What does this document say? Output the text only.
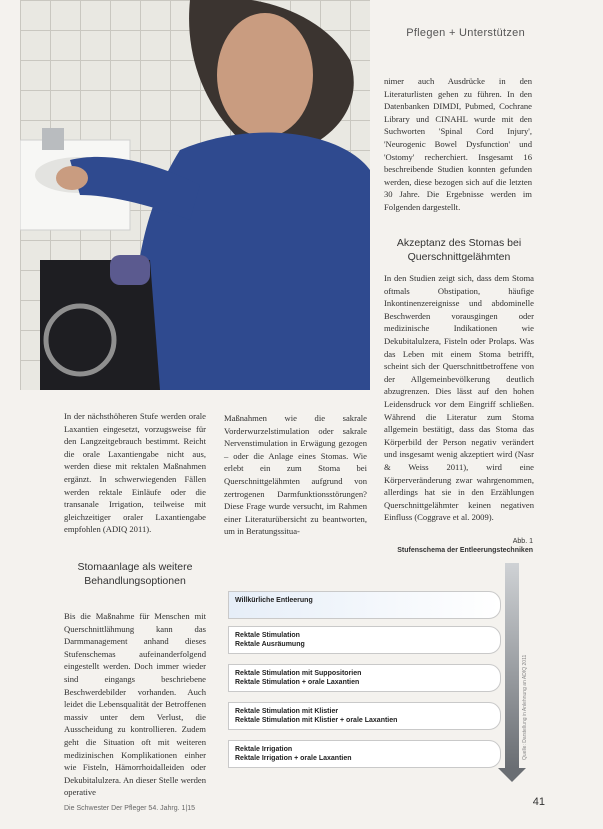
Pflegen + Unterstützen

nimer auch Ausdrücke in den Literaturlisten gehen zu führen. In den Datenbanken DIMDI, Pubmed, Cochrane Library und CINAHL wurde mit den Suchworten 'Spinal Cord Injury', 'Neurogenic Bowel Dysfunction' und 'Ostomy' recherchiert. Insgesamt 16 beschreibende Studien konnten gefunden werden, diese bezogen sich auf die letzten 30 Jahre. Die Ergebnisse werden im Folgenden dargestellt.

Akzeptanz des Stomas bei Querschnittgelähmten

In den Studien zeigt sich, dass dem Stoma oftmals Obstipation, häufige Inkontinenzereignisse und abdominelle Beschwerden vorausgingen oder medizinische Indikationen wie Dekubitalulzera, Fisteln oder Prolaps. Was das Leben mit einem Stoma betrifft, scheint sich der Querschnittbetroffene von der Allgemeinbevölkerung deutlich abzugrenzen. Dies lässt auf den hohen Leidensdruck vor dem Eingriff schließen. Während die Literatur zum Stoma allgemein bestätigt, dass das Stoma das Körperbild der Person negativ verändert und insgesamt wenig akzeptiert wird (Nasr & Weiss 2011), wird eine Körperveränderung zwar wahrgenommen, allerdings hat sie in den Erzählungen Querschnittgelähmter keinen negativen Einfluss (Coggrave et al. 2009).

In der nächsthöheren Stufe werden orale Laxantien eingesetzt, vorzugsweise für den Langzeitgebrauch bestimmt. Reicht die orale Laxantiengabe nicht aus, werden diese mit rektalen Maßnahmen ergänzt. In schwerwiegenden Fällen werden rektale Einläufe oder die transanale Irrigation, teilweise mit gleichzeitiger oraler Laxantiengabe empfohlen (ADIQ 2011).

Maßnahmen wie die sakrale Vorderwurzelstimulation oder sakrale Nervenstimulation in Erwägung gezogen – oder die Anlage eines Stomas. Wie erlebt ein zum Stoma bei Querschnittgelähmten aufgrund von zertrogenen Darmfunktionsstörungen? Diese Frage wurde versucht, im Rahmen einer Literaturübersicht zu beantworten, um in Beratungssitua-

Stomaanlage als weitere Behandlungsoptionen

Bis die Maßnahme für Menschen mit Querschnittlähmung kann das Darmmanagement anhand dieses Stufenschemas aufeinanderfolgend eingestellt werden. Doch immer wieder sind eingangs beschriebene Beschwerdebilder vorhanden. Auch leidet die Lebensqualität der Betroffenen massiv unter dem Verlust, die Ausscheidung zu kontrollieren. Zudem geht die Situation oft mit weiteren medizinischen Komplikationen einher wie Fisteln, Hämorrhoidalleiden oder Dekubitalulzera. An dieser Stelle werden operative

Abb. 1
Stufenschema der Entleerungstechniken
Willkürliche Entleerung
Rektale Stimulation
Rektale Ausräumung
Rektale Stimulation mit Suppositorien
Rektale Stimulation + orale Laxantien
Rektale Stimulation mit Klistier
Rektale Stimulation mit Klistier + orale Laxantien
Rektale Irrigation
Rektale Irrigation + orale Laxantien	Quelle: Darstellung in Anlehnung an ADIQ 2011
Die Schwester Der Pfleger 54. Jahrg. 1|15
41
